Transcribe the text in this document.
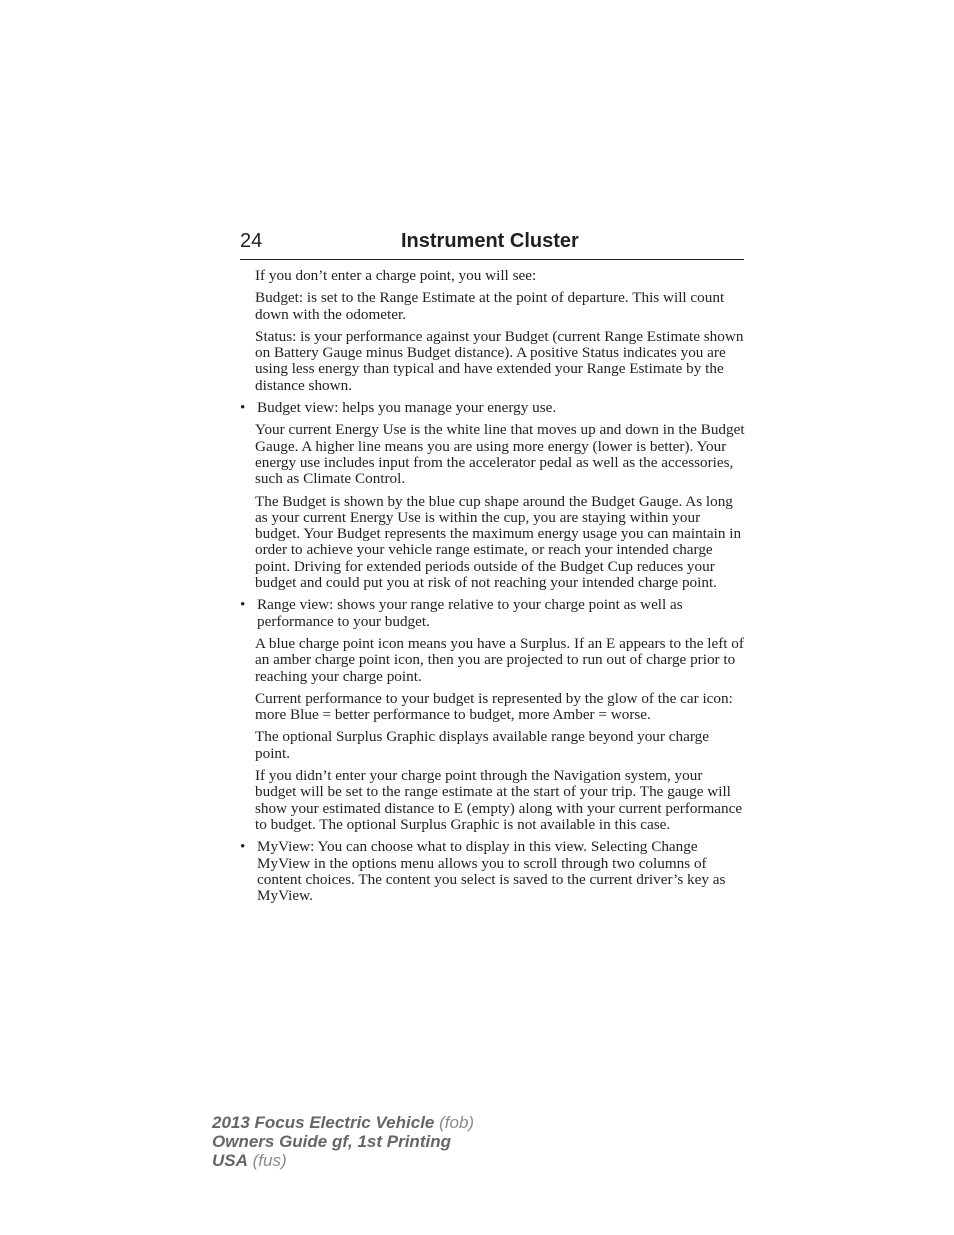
24	Instrument Cluster

If you don’t enter a charge point, you will see:

Budget: is set to the Range Estimate at the point of departure. This will count down with the odometer.

Status: is your performance against your Budget (current Range Estimate shown on Battery Gauge minus Budget distance). A positive Status indicates you are using less energy than typical and have extended your Range Estimate by the distance shown.

• Budget view: helps you manage your energy use.

Your current Energy Use is the white line that moves up and down in the Budget Gauge. A higher line means you are using more energy (lower is better). Your energy use includes input from the accelerator pedal as well as the accessories, such as Climate Control.

The Budget is shown by the blue cup shape around the Budget Gauge. As long as your current Energy Use is within the cup, you are staying within your budget. Your Budget represents the maximum energy usage you can maintain in order to achieve your vehicle range estimate, or reach your intended charge point. Driving for extended periods outside of the Budget Cup reduces your budget and could put you at risk of not reaching your intended charge point.

• Range view: shows your range relative to your charge point as well as performance to your budget.

A blue charge point icon means you have a Surplus. If an E appears to the left of an amber charge point icon, then you are projected to run out of charge prior to reaching your charge point.

Current performance to your budget is represented by the glow of the car icon: more Blue = better performance to budget, more Amber = worse.

The optional Surplus Graphic displays available range beyond your charge point.

If you didn’t enter your charge point through the Navigation system, your budget will be set to the range estimate at the start of your trip. The gauge will show your estimated distance to E (empty) along with your current performance to budget. The optional Surplus Graphic is not available in this case.

• MyView: You can choose what to display in this view. Selecting Change MyView in the options menu allows you to scroll through two columns of content choices. The content you select is saved to the current driver’s key as MyView.
2013 Focus Electric Vehicle (fob)
Owners Guide gf, 1st Printing
USA (fus)
